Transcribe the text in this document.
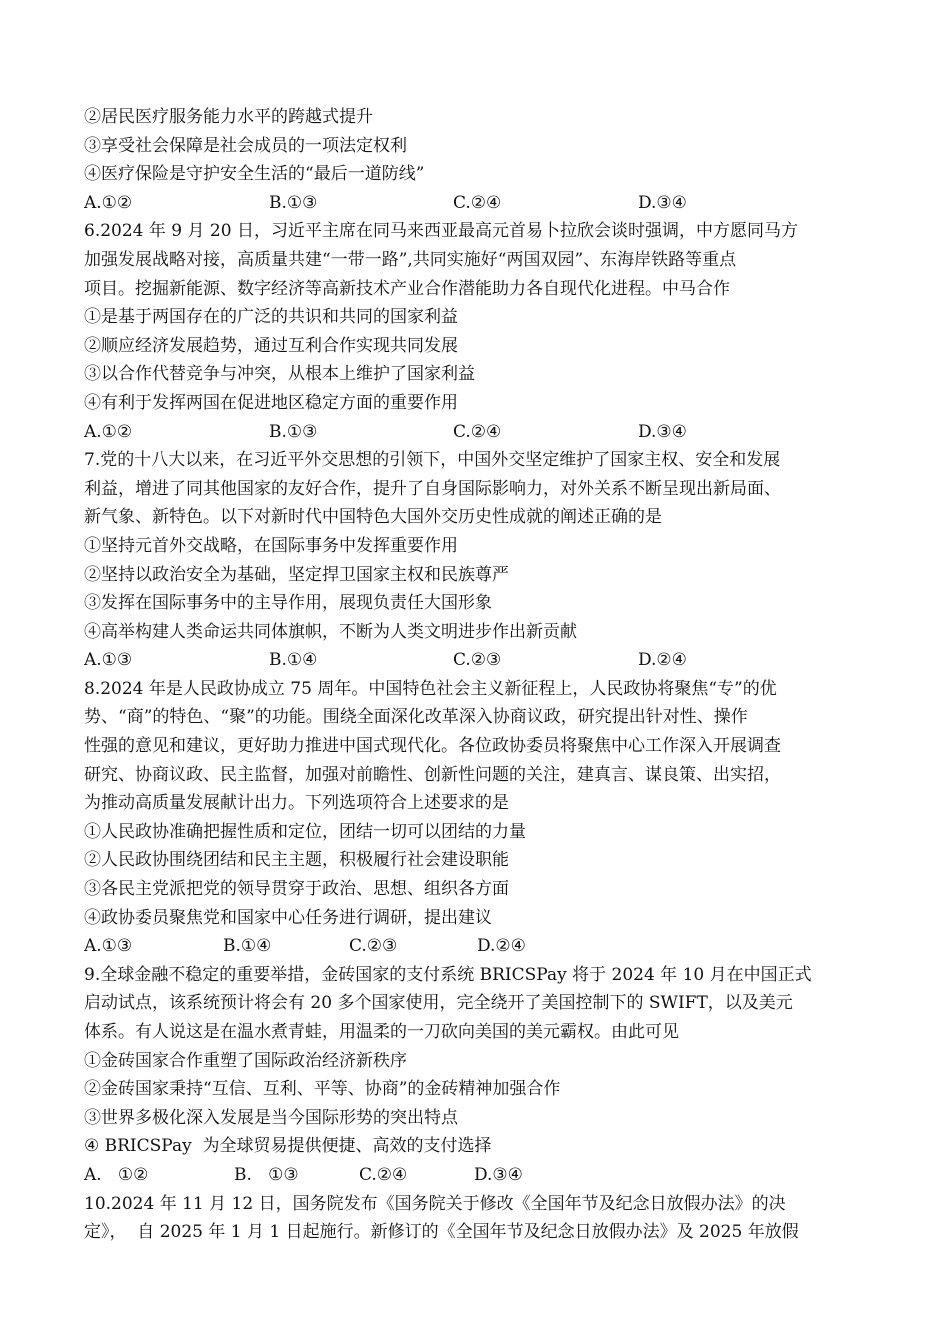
②居民医疗服务能力水平的跨越式提升
③享受社会保障是社会成员的一项法定权利
④医疗保险是守护安全生活的“最后一道防线”
A.①②	B.①③	C.②④	D.③④
6.2024 年 9 月 20 日，习近平主席在同马来西亚最高元首易卜拉欣会谈时强调，中方愿同马方
加强发展战略对接，高质量共建“一带一路”,共同实施好“两国双园”、东海岸铁路等重点
项目。挖掘新能源、数字经济等高新技术产业合作潜能助力各自现代化进程。中马合作
①是基于两国存在的广泛的共识和共同的国家利益
②顺应经济发展趋势，通过互利合作实现共同发展
③以合作代替竞争与冲突，从根本上维护了国家利益
④有利于发挥两国在促进地区稳定方面的重要作用
A.①②	B.①③	C.②④	D.③④
7.党的十八大以来，在习近平外交思想的引领下，中国外交坚定维护了国家主权、安全和发展
利益，增进了同其他国家的友好合作，提升了自身国际影响力，对外关系不断呈现出新局面、
新气象、新特色。以下对新时代中国特色大国外交历史性成就的阐述正确的是
①坚持元首外交战略，在国际事务中发挥重要作用
②坚持以政治安全为基础，坚定捍卫国家主权和民族尊严
③发挥在国际事务中的主导作用，展现负责任大国形象
④高举构建人类命运共同体旗帜，不断为人类文明进步作出新贡献
A.①③	B.①④	C.②③	D.②④
8.2024 年是人民政协成立 75 周年。中国特色社会主义新征程上，人民政协将聚焦“专”的优
势、“商”的特色、“聚”的功能。围绕全面深化改革深入协商议政，研究提出针对性、操作
性强的意见和建议，更好助力推进中国式现代化。各位政协委员将聚焦中心工作深入开展调查
研究、协商议政、民主监督，加强对前瞻性、创新性问题的关注，建真言、谋良策、出实招，
为推动高质量发展献计出力。下列选项符合上述要求的是
①人民政协准确把握性质和定位，团结一切可以团结的力量
②人民政协围绕团结和民主主题，积极履行社会建设职能
③各民主党派把党的领导贯穿于政治、思想、组织各方面
④政协委员聚焦党和国家中心任务进行调研，提出建议
A.①③	B.①④	C.②③	D.②④
9.全球金融不稳定的重要举措，金砖国家的支付系统 BRICSPay 将于 2024 年 10 月在中国正式
启动试点，该系统预计将会有 20 多个国家使用，完全绕开了美国控制下的 SWIFT，以及美元
体系。有人说这是在温水煮青蛙，用温柔的一刀砍向美国的美元霸权。由此可见
①金砖国家合作重塑了国际政治经济新秩序
②金砖国家秉持“互信、互利、平等、协商”的金砖精神加强合作
③世界多极化深入发展是当今国际形势的突出特点
④ BRICSPay  为全球贸易提供便捷、高效的支付选择
A.   ①②	B.   ①③	C.②④	D.③④
10.2024 年 11 月 12 日，国务院发布《国务院关于修改《全国年节及纪念日放假办法》的决
定》，  自 2025 年 1 月 1 日起施行。新修订的《全国年节及纪念日放假办法》及 2025 年放假
